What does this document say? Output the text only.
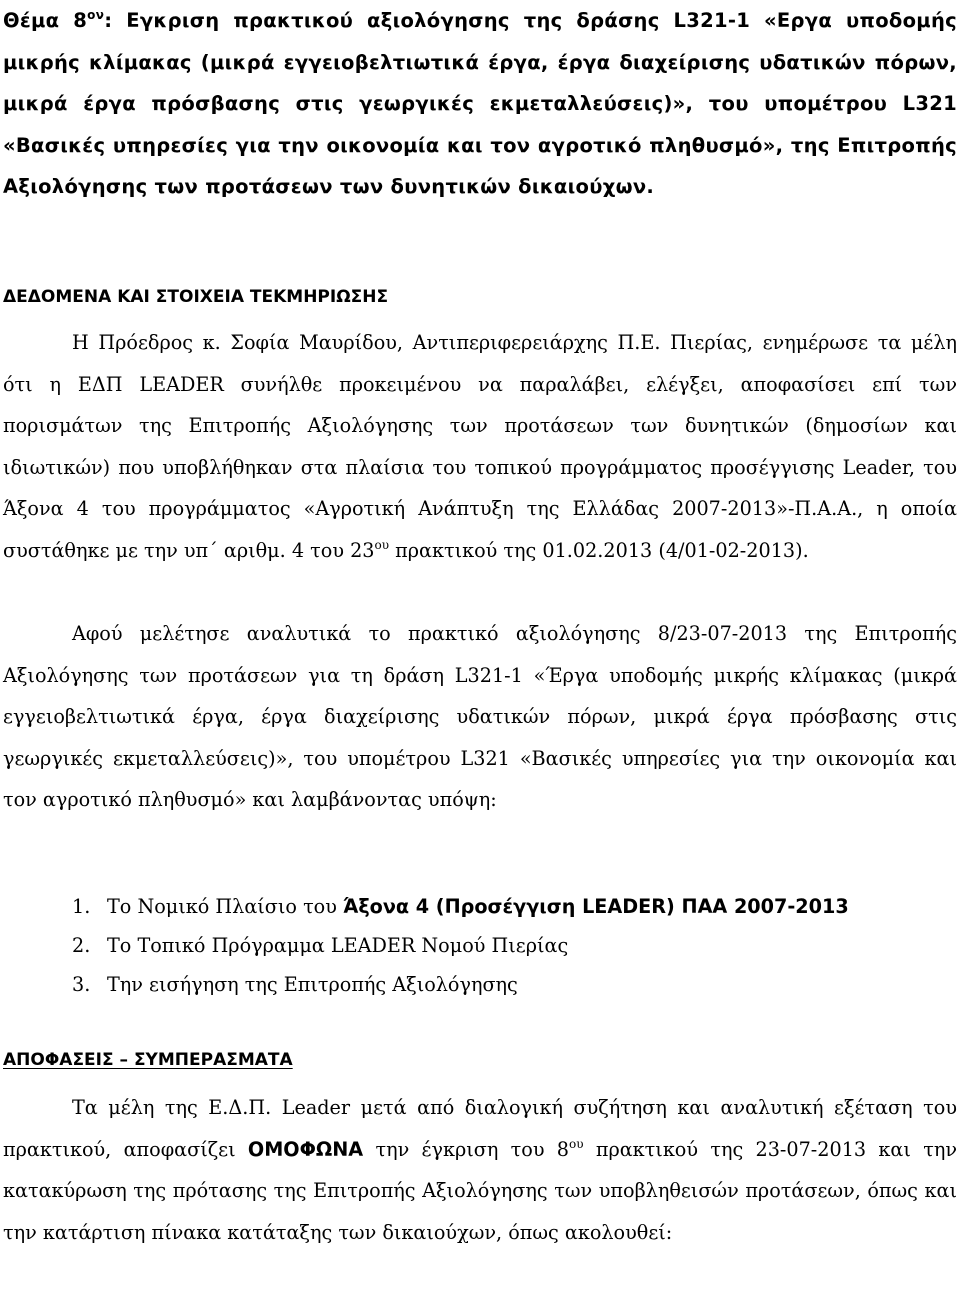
Θέμα $8^{o\nu}$: Εγκριση πρακτικού αξιολόγησης της δράσης L321-1 «Εργα υποδομής μικρής κλίμακας (μικρά εγγειοβελτιωτικά έργα, έργα διαχείρισης υδατικών πόρων, μικρά έργα πρόσβασης στις γεωργικές εκμεταλλεύσεις)», του υπομέτρου L321 «Βασικές υπηρεσίες για την οικονομία και τον αγροτικό πληθυσμό», της Επιτροπής Αξιολόγησης των προτάσεων των δυνητικών δικαιούχων.
ΔΕΔΟΜΕΝΑ ΚΑΙ ΣΤΟΙΧΕΙΑ ΤΕΚΜΗΡΙΩΣΗΣ
Η Πρόεδρος κ. Σοφία Μαυρίδου, Αντιπεριφερειάρχης Π.Ε. Πιερίας, ενημέρωσε τα μέλη ότι η ΕΔΠ LEADER συνήλθε προκειμένου να παραλάβει, ελέγξει, αποφασίσει επί των πορισμάτων της Επιτροπής Αξιολόγησης των προτάσεων των δυνητικών (δημοσίων και ιδιωτικών) που υποβλήθηκαν στα πλαίσια του τοπικού προγράμματος προσέγγισης Leader, του Άξονα 4 του προγράμματος «Αγροτική Ανάπτυξη της Ελλάδας 2007-2013»-Π.Α.Α., η οποία συστάθηκε με την υπ΄ αριθμ. 4 του $23^{o\upsilon}$ πρακτικού της 01.02.2013 (4/01-02-2013).
Αφού μελέτησε αναλυτικά το πρακτικό αξιολόγησης 8/23-07-2013 της Επιτροπής Αξιολόγησης των προτάσεων για τη δράση L321-1 «Έργα υποδομής μικρής κλίμακας (μικρά εγγειοβελτιωτικά έργα, έργα διαχείρισης υδατικών πόρων, μικρά έργα πρόσβασης στις γεωργικές εκμεταλλεύσεις)», του υπομέτρου L321 «Βασικές υπηρεσίες για την οικονομία και τον αγροτικό πληθυσμό» και λαμβάνοντας υπόψη:
1. Το Νομικό Πλαίσιο του Άξονα 4 (Προσέγγιση LEADER) ΠΑΑ 2007-2013
2. Το Τοπικό Πρόγραμμα LEADER Νομού Πιερίας
3. Την εισήγηση της Επιτροπής Αξιολόγησης
ΑΠΟΦΑΣΕΙΣ – ΣΥΜΠΕΡΑΣΜΑΤΑ
Τα μέλη της Ε.Δ.Π. Leader μετά από διαλογική συζήτηση και αναλυτική εξέταση του πρακτικού, αποφασίζει ΟΜΟΦΩΝΑ την έγκριση του $8^{o\upsilon}$ πρακτικού της 23-07-2013 και την κατακύρωση της πρότασης της Επιτροπής Αξιολόγησης των υποβληθεισών προτάσεων, όπως και την κατάρτιση πίνακα κατάταξης των δικαιούχων, όπως ακολουθεί:
